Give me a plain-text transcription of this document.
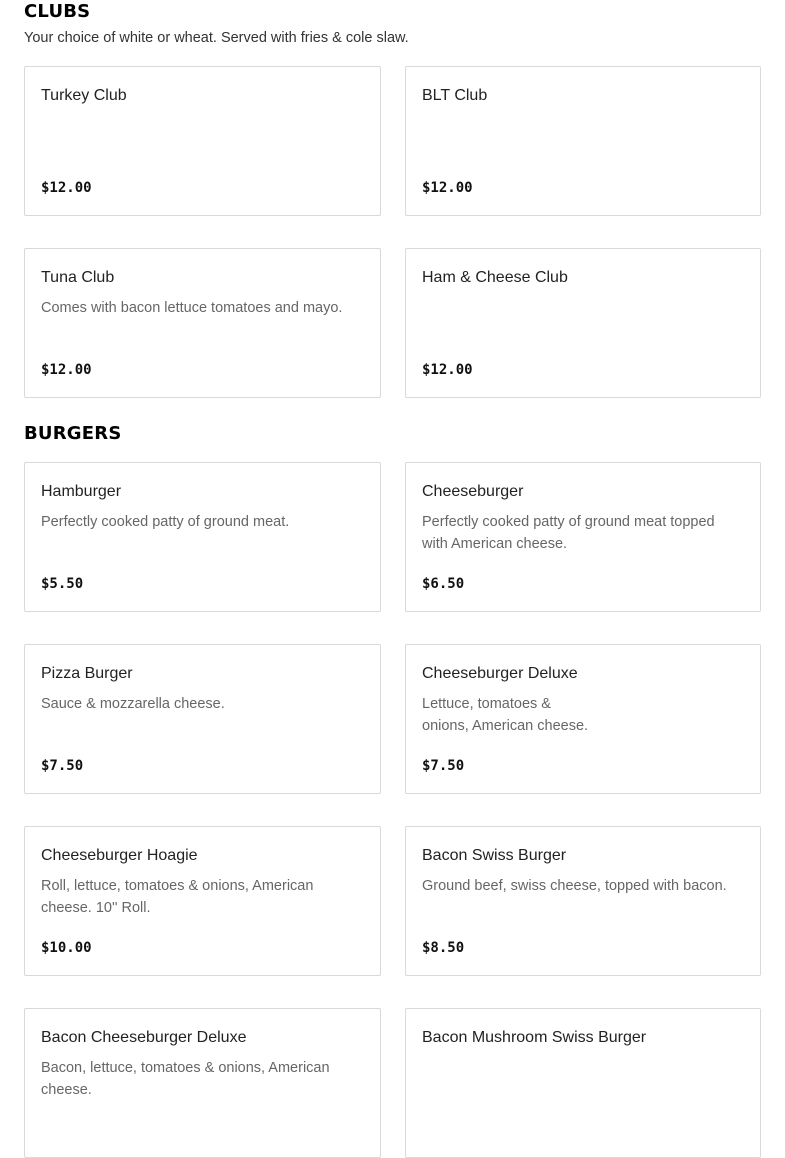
CLUBS
Your choice of white or wheat. Served with fries & cole slaw.
Turkey Club
$12.00
BLT Club
$12.00
Tuna Club
Comes with bacon lettuce tomatoes and mayo.
$12.00
Ham & Cheese Club
$12.00
BURGERS
Hamburger
Perfectly cooked patty of ground meat.
$5.50
Cheeseburger
Perfectly cooked patty of ground meat topped with American cheese.
$6.50
Pizza Burger
Sauce & mozzarella cheese.
$7.50
Cheeseburger Deluxe
Lettuce, tomatoes & onions, American cheese.
$7.50
Cheeseburger Hoagie
Roll, lettuce, tomatoes & onions, American cheese. 10'' Roll.
$10.00
Bacon Swiss Burger
Ground beef, swiss cheese, topped with bacon.
$8.50
Bacon Cheeseburger Deluxe
Bacon, lettuce, tomatoes & onions, American cheese.
Bacon Mushroom Swiss Burger
